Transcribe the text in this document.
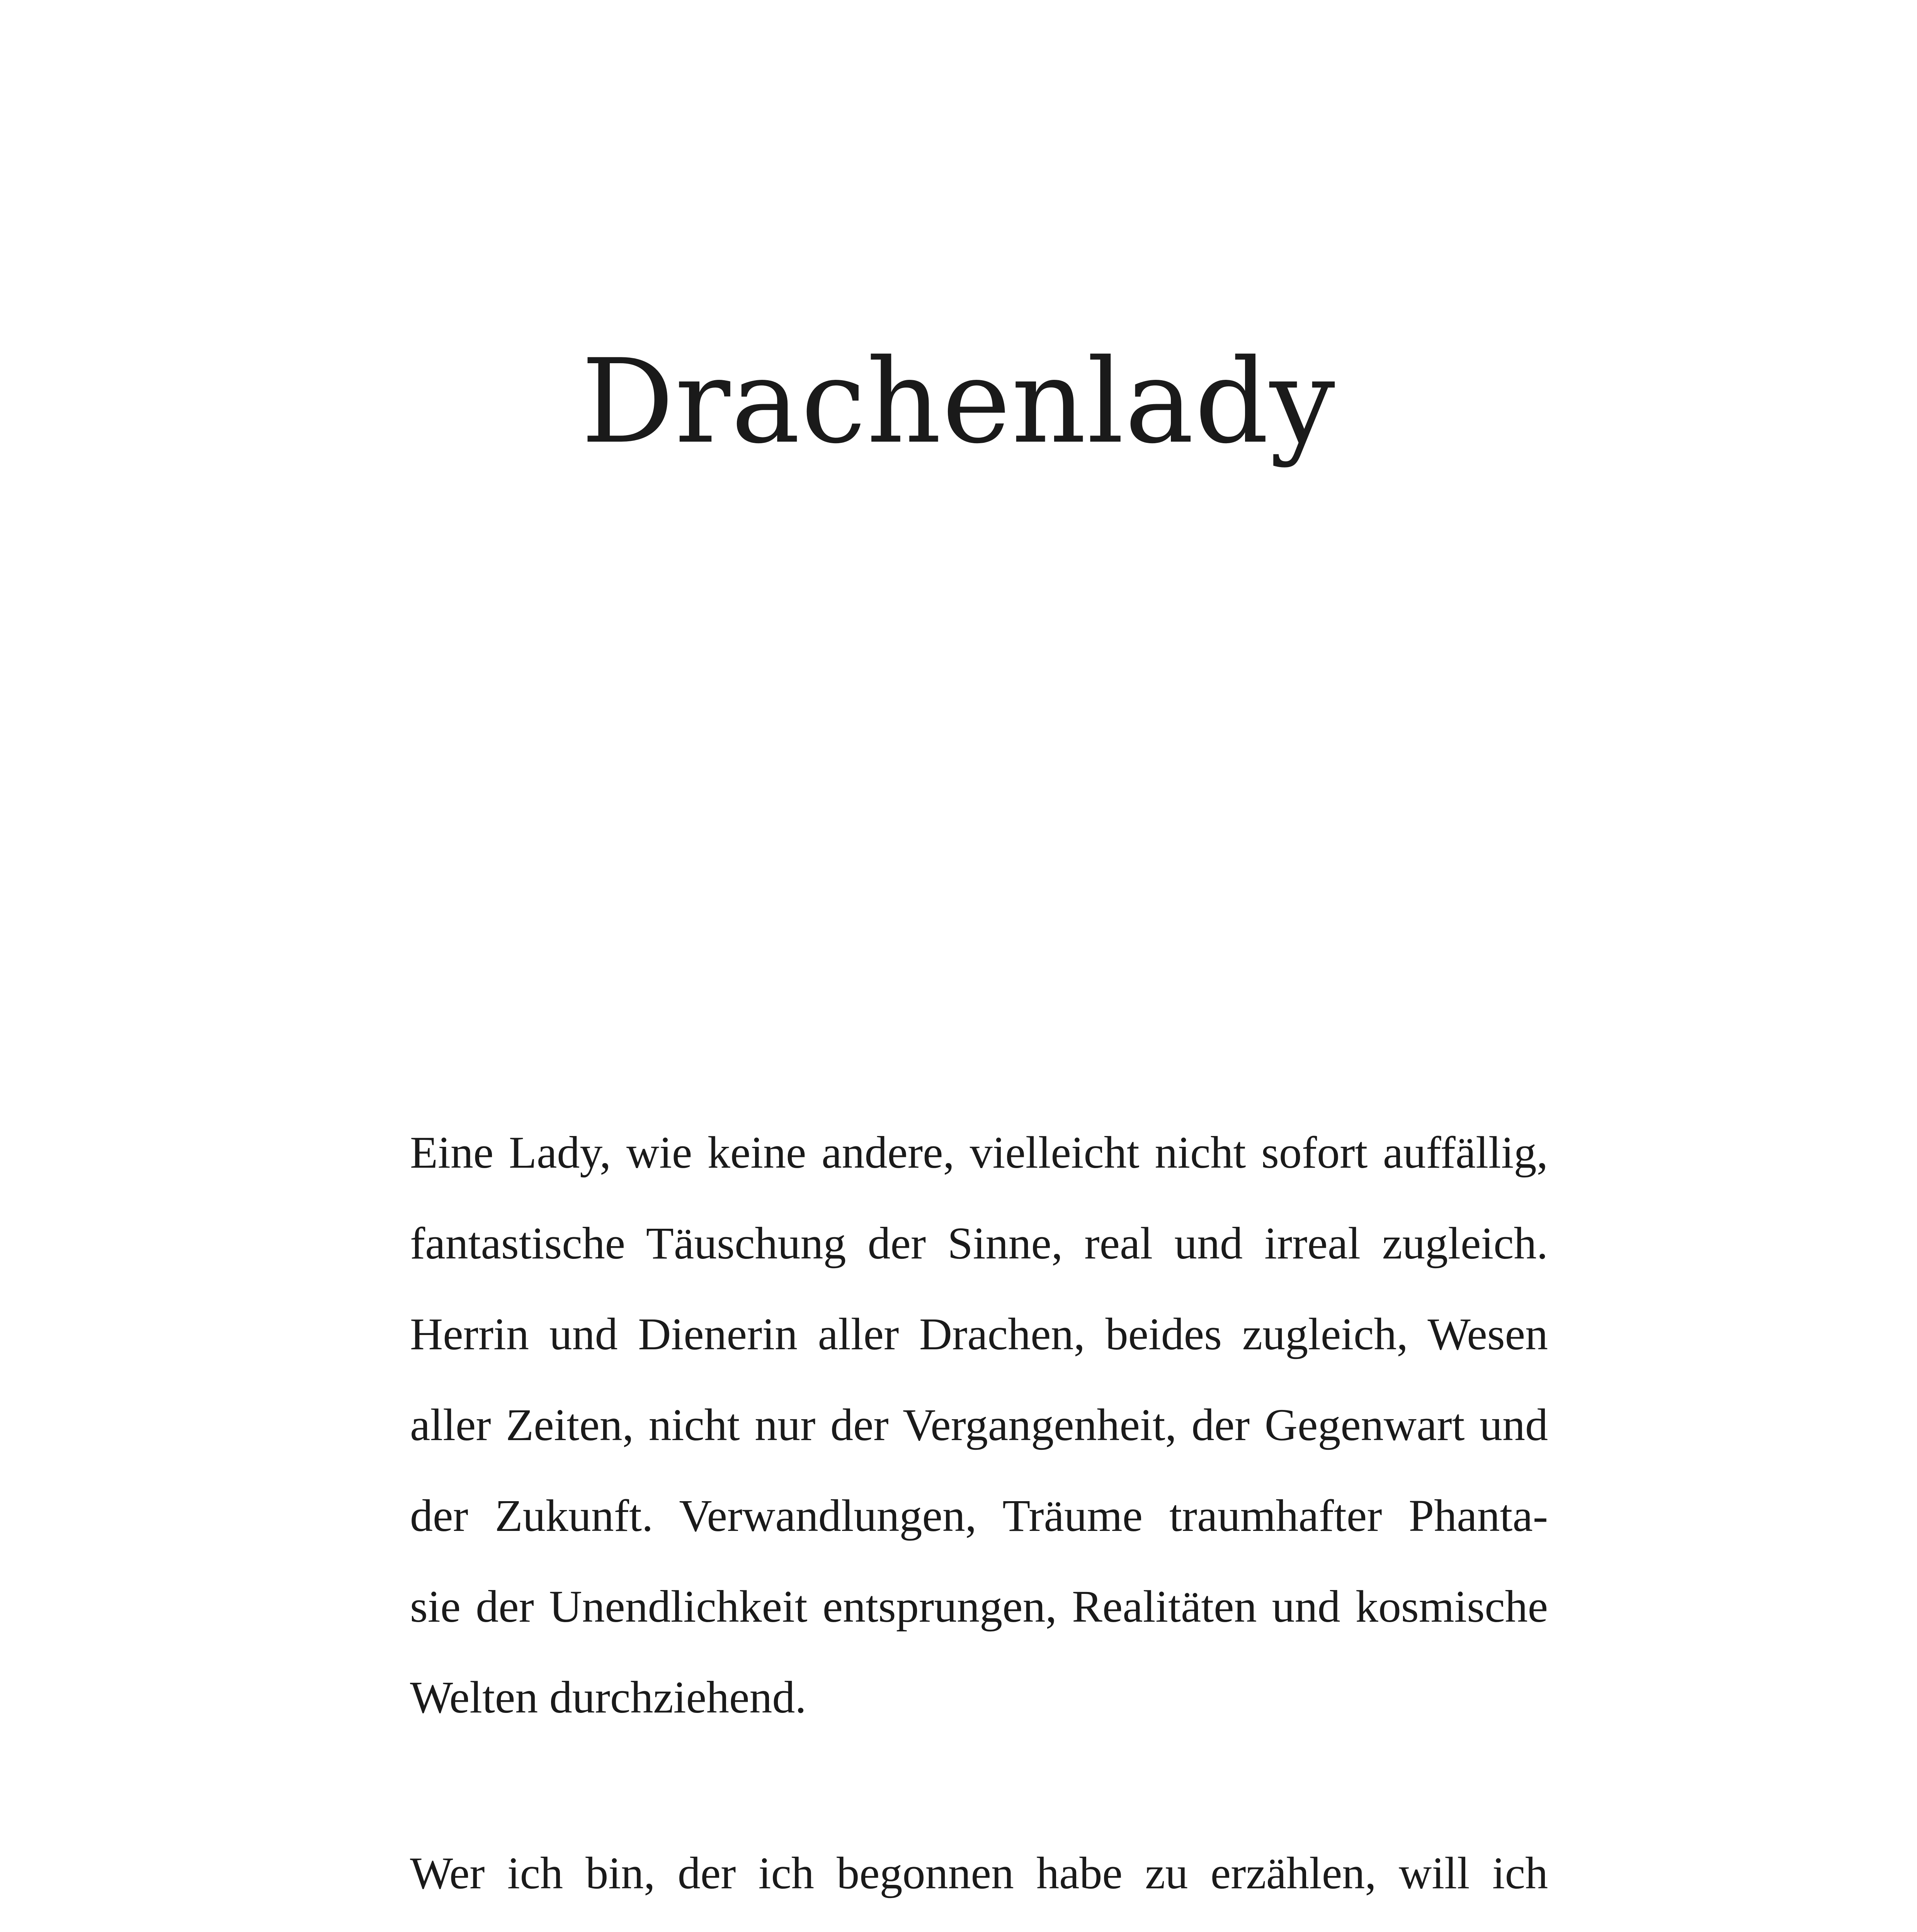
Drachenlady
Eine Lady, wie keine andere, vielleicht nicht sofort auffällig,
fantastische Täuschung der Sinne, real und irreal zugleich.
Herrin und Dienerin aller Drachen, beides zugleich, Wesen
aller Zeiten, nicht nur der Vergangenheit, der Gegenwart und
der Zukunft. Verwandlungen, Träume traumhafter Phanta-
sie der Unendlichkeit entsprungen, Realitäten und kosmische
Welten durchziehend.
Wer ich bin, der ich begonnen habe zu erzählen, will ich
